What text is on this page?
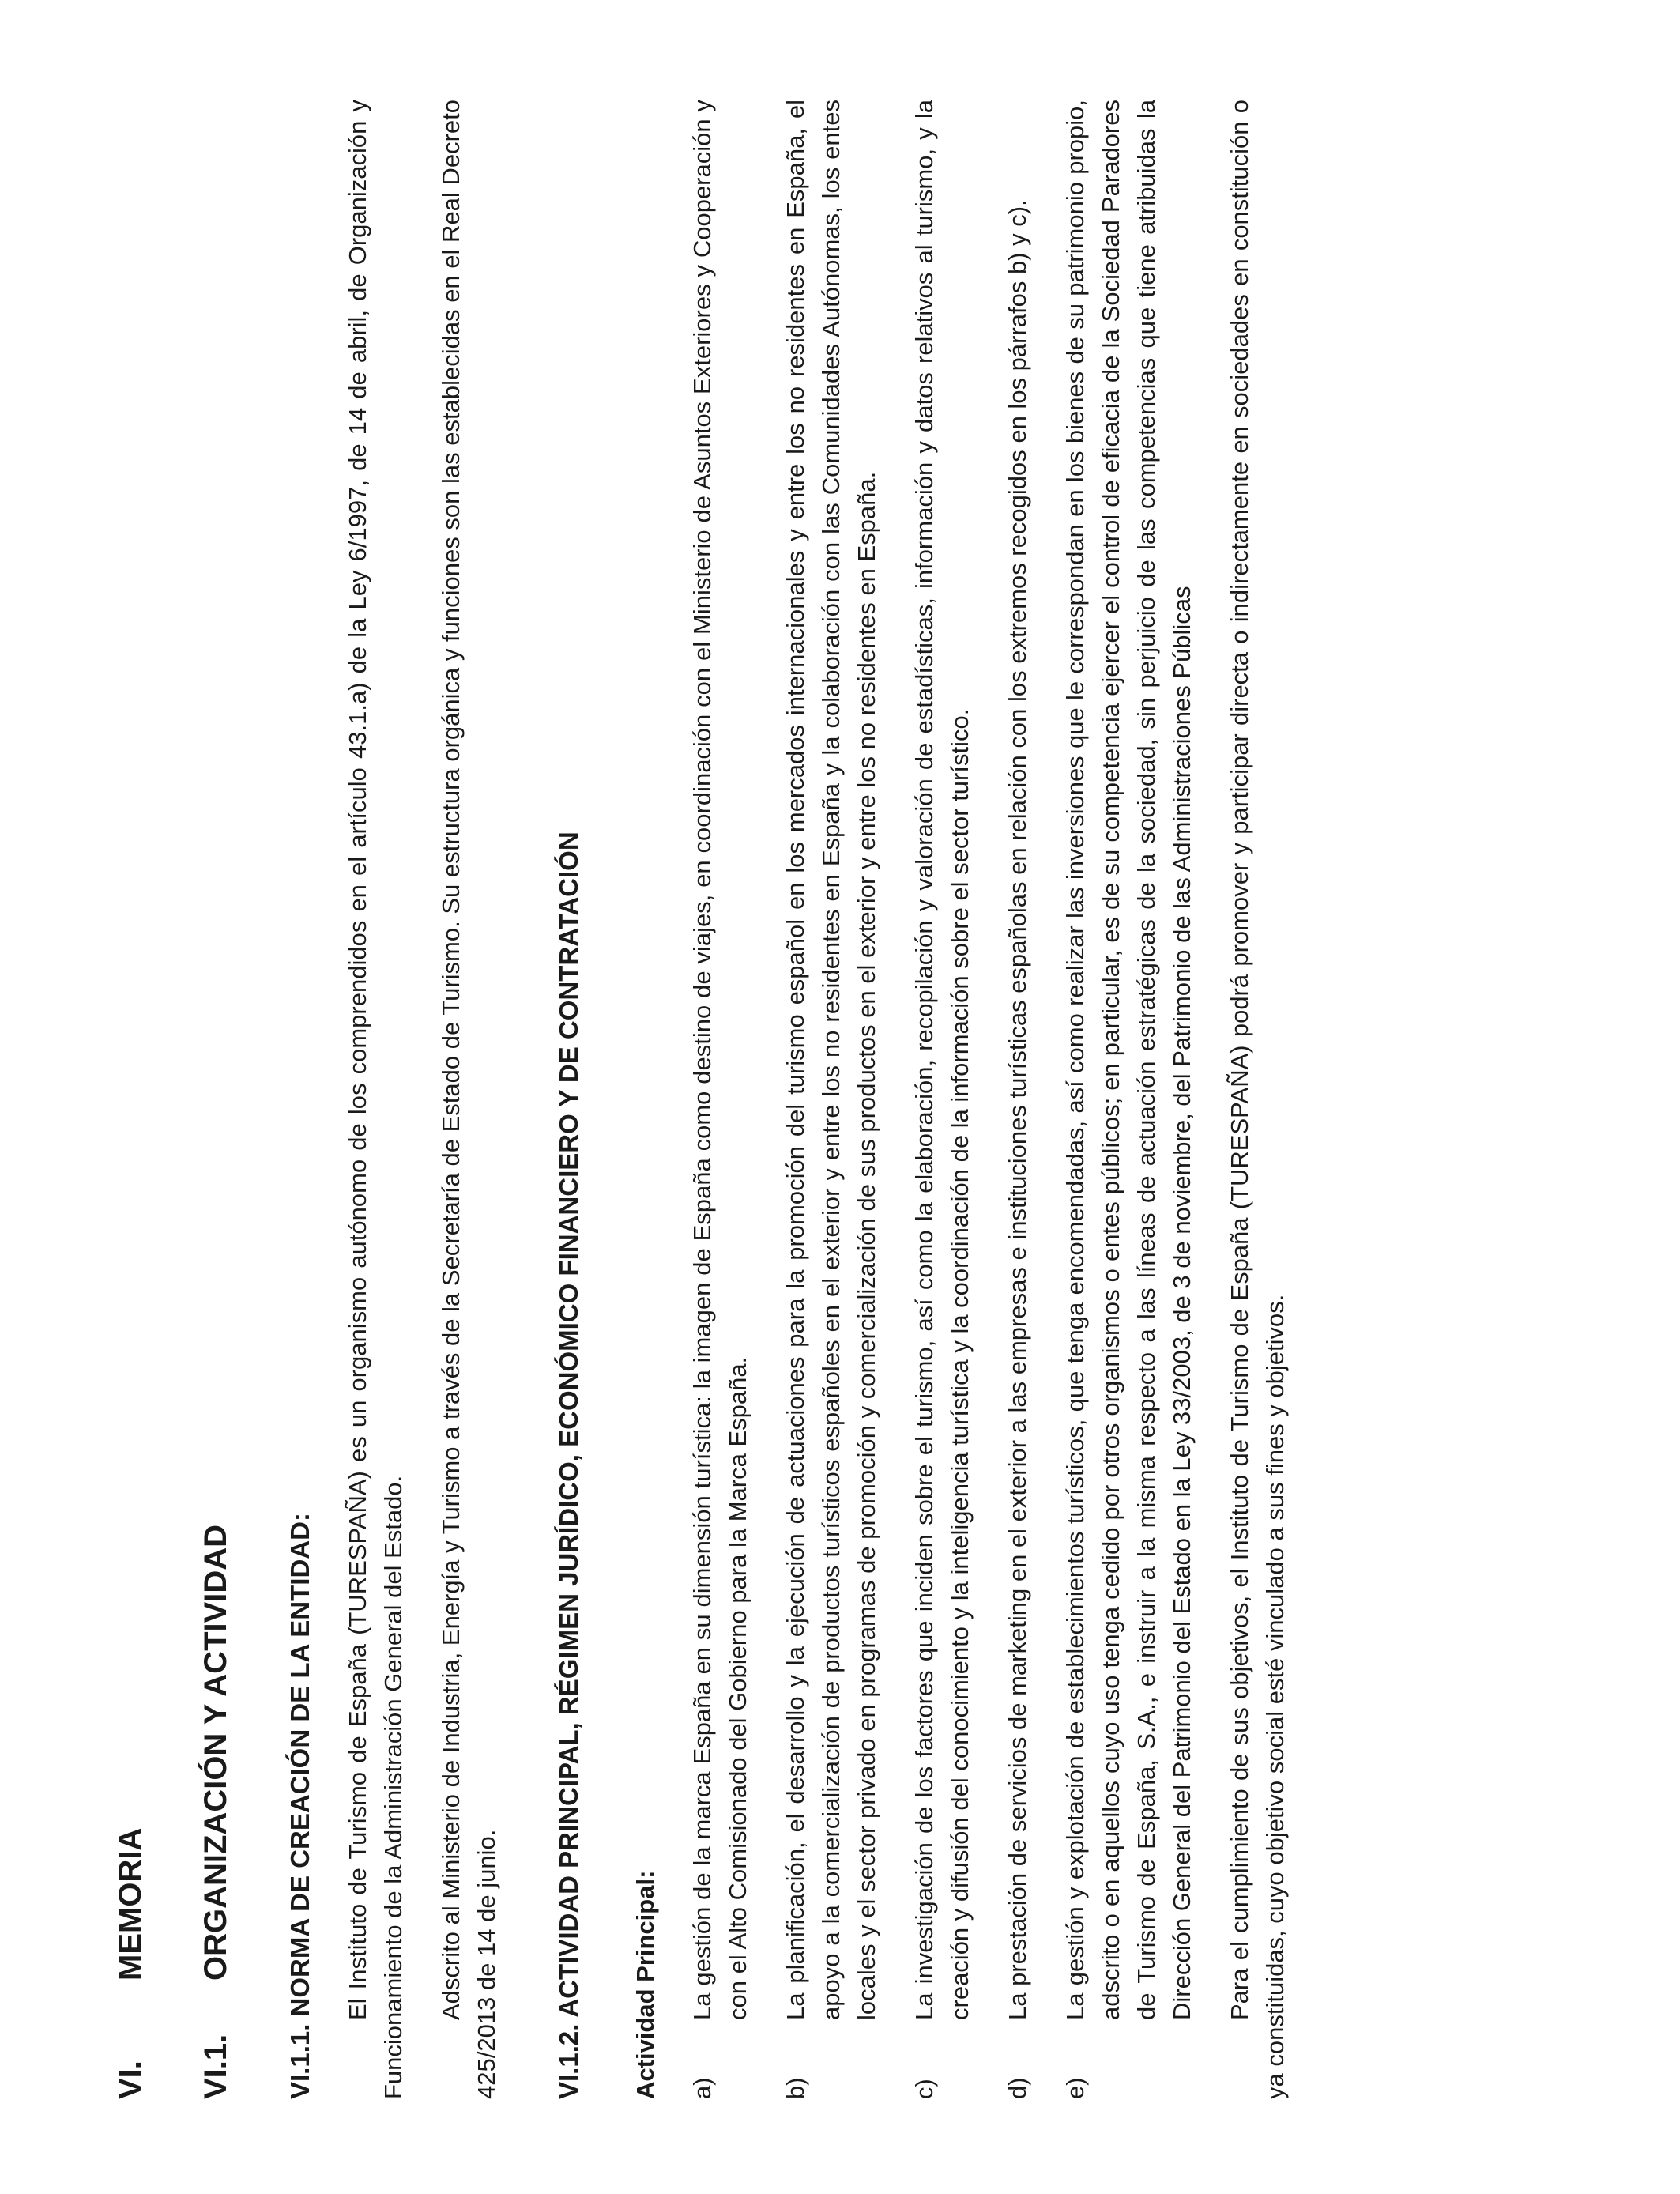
VI.
MEMORIA
VI.1.
ORGANIZACIÓN Y ACTIVIDAD VI.1.1. NORMA DE CREACIÓN DE LA ENTIDAD: El Instituto de Turismo de España (TURESPAÑA) es un organismo autónomo de los comprendidos en el artículo 43.1.a) de la Ley 6/1997, de 14 de abril, de Organización y Funcionamiento de la Administración General del Estado. Adscrito al Ministerio de Industria, Energía y Turismo a través de la Secretaría de Estado de Turismo. Su estructura orgánica y funciones son las establecidas en el Real Decreto 425/2013 de 14 de junio. VI.1.2. ACTIVIDAD PRINCIPAL, RÉGIMEN JURÍDICO, ECONÓMICO FINANCIERO Y DE CONTRATACIÓN Actividad Principal: a)
La gestión de la marca España en su dimensión turística: la imagen de España como destino de viajes, en coordinación con el Ministerio de Asuntos Exteriores y Cooperación y con el Alto Comisionado del Gobierno para la Marca España.
b)
La planificación, el desarrollo y la ejecución de actuaciones para la promoción del turismo español en los mercados internacionales y entre los no residentes en España, el apoyo a la comercialización de productos turísticos españoles en el exterior y entre los no residentes en España y la colaboración con las Comunidades Autónomas, los entes locales y el sector privado en programas de promoción y comercialización de sus productos en el exterior y entre los no residentes en España.
c)
La investigación de los factores que inciden sobre el turismo, así como la elaboración, recopilación y valoración de estadísticas, información y datos relativos al turismo, y la creación y difusión del conocimiento y la inteligencia turística y la coordinación de la información sobre el sector turístico.
d)
La prestación de servicios de marketing en el exterior a las empresas e instituciones turísticas españolas en relación con los extremos recogidos en los párrafos b) y c).
e)
La gestión y explotación de establecimientos turísticos, que tenga encomendadas, así como realizar las inversiones que le correspondan en los bienes de su patrimonio propio, adscrito o en aquellos cuyo uso tenga cedido por otros organismos o entes públicos; en particular, es de su competencia ejercer el control de eficacia de la Sociedad Paradores de Turismo de España, S.A., e instruir a la misma respecto a las líneas de actuación estratégicas de la sociedad, sin perjuicio de las competencias que tiene atribuidas la Dirección General del Patrimonio del Estado en la Ley 33/2003, de 3 de noviembre, del Patrimonio de las Administraciones Públicas Para el cumplimiento de sus objetivos, el Instituto de Turismo de España (TURESPAÑA) podrá promover y participar directa o indirectamente en sociedades en constitución o ya constituidas, cuyo objetivo social esté vinculado a sus fines y objetivos.
